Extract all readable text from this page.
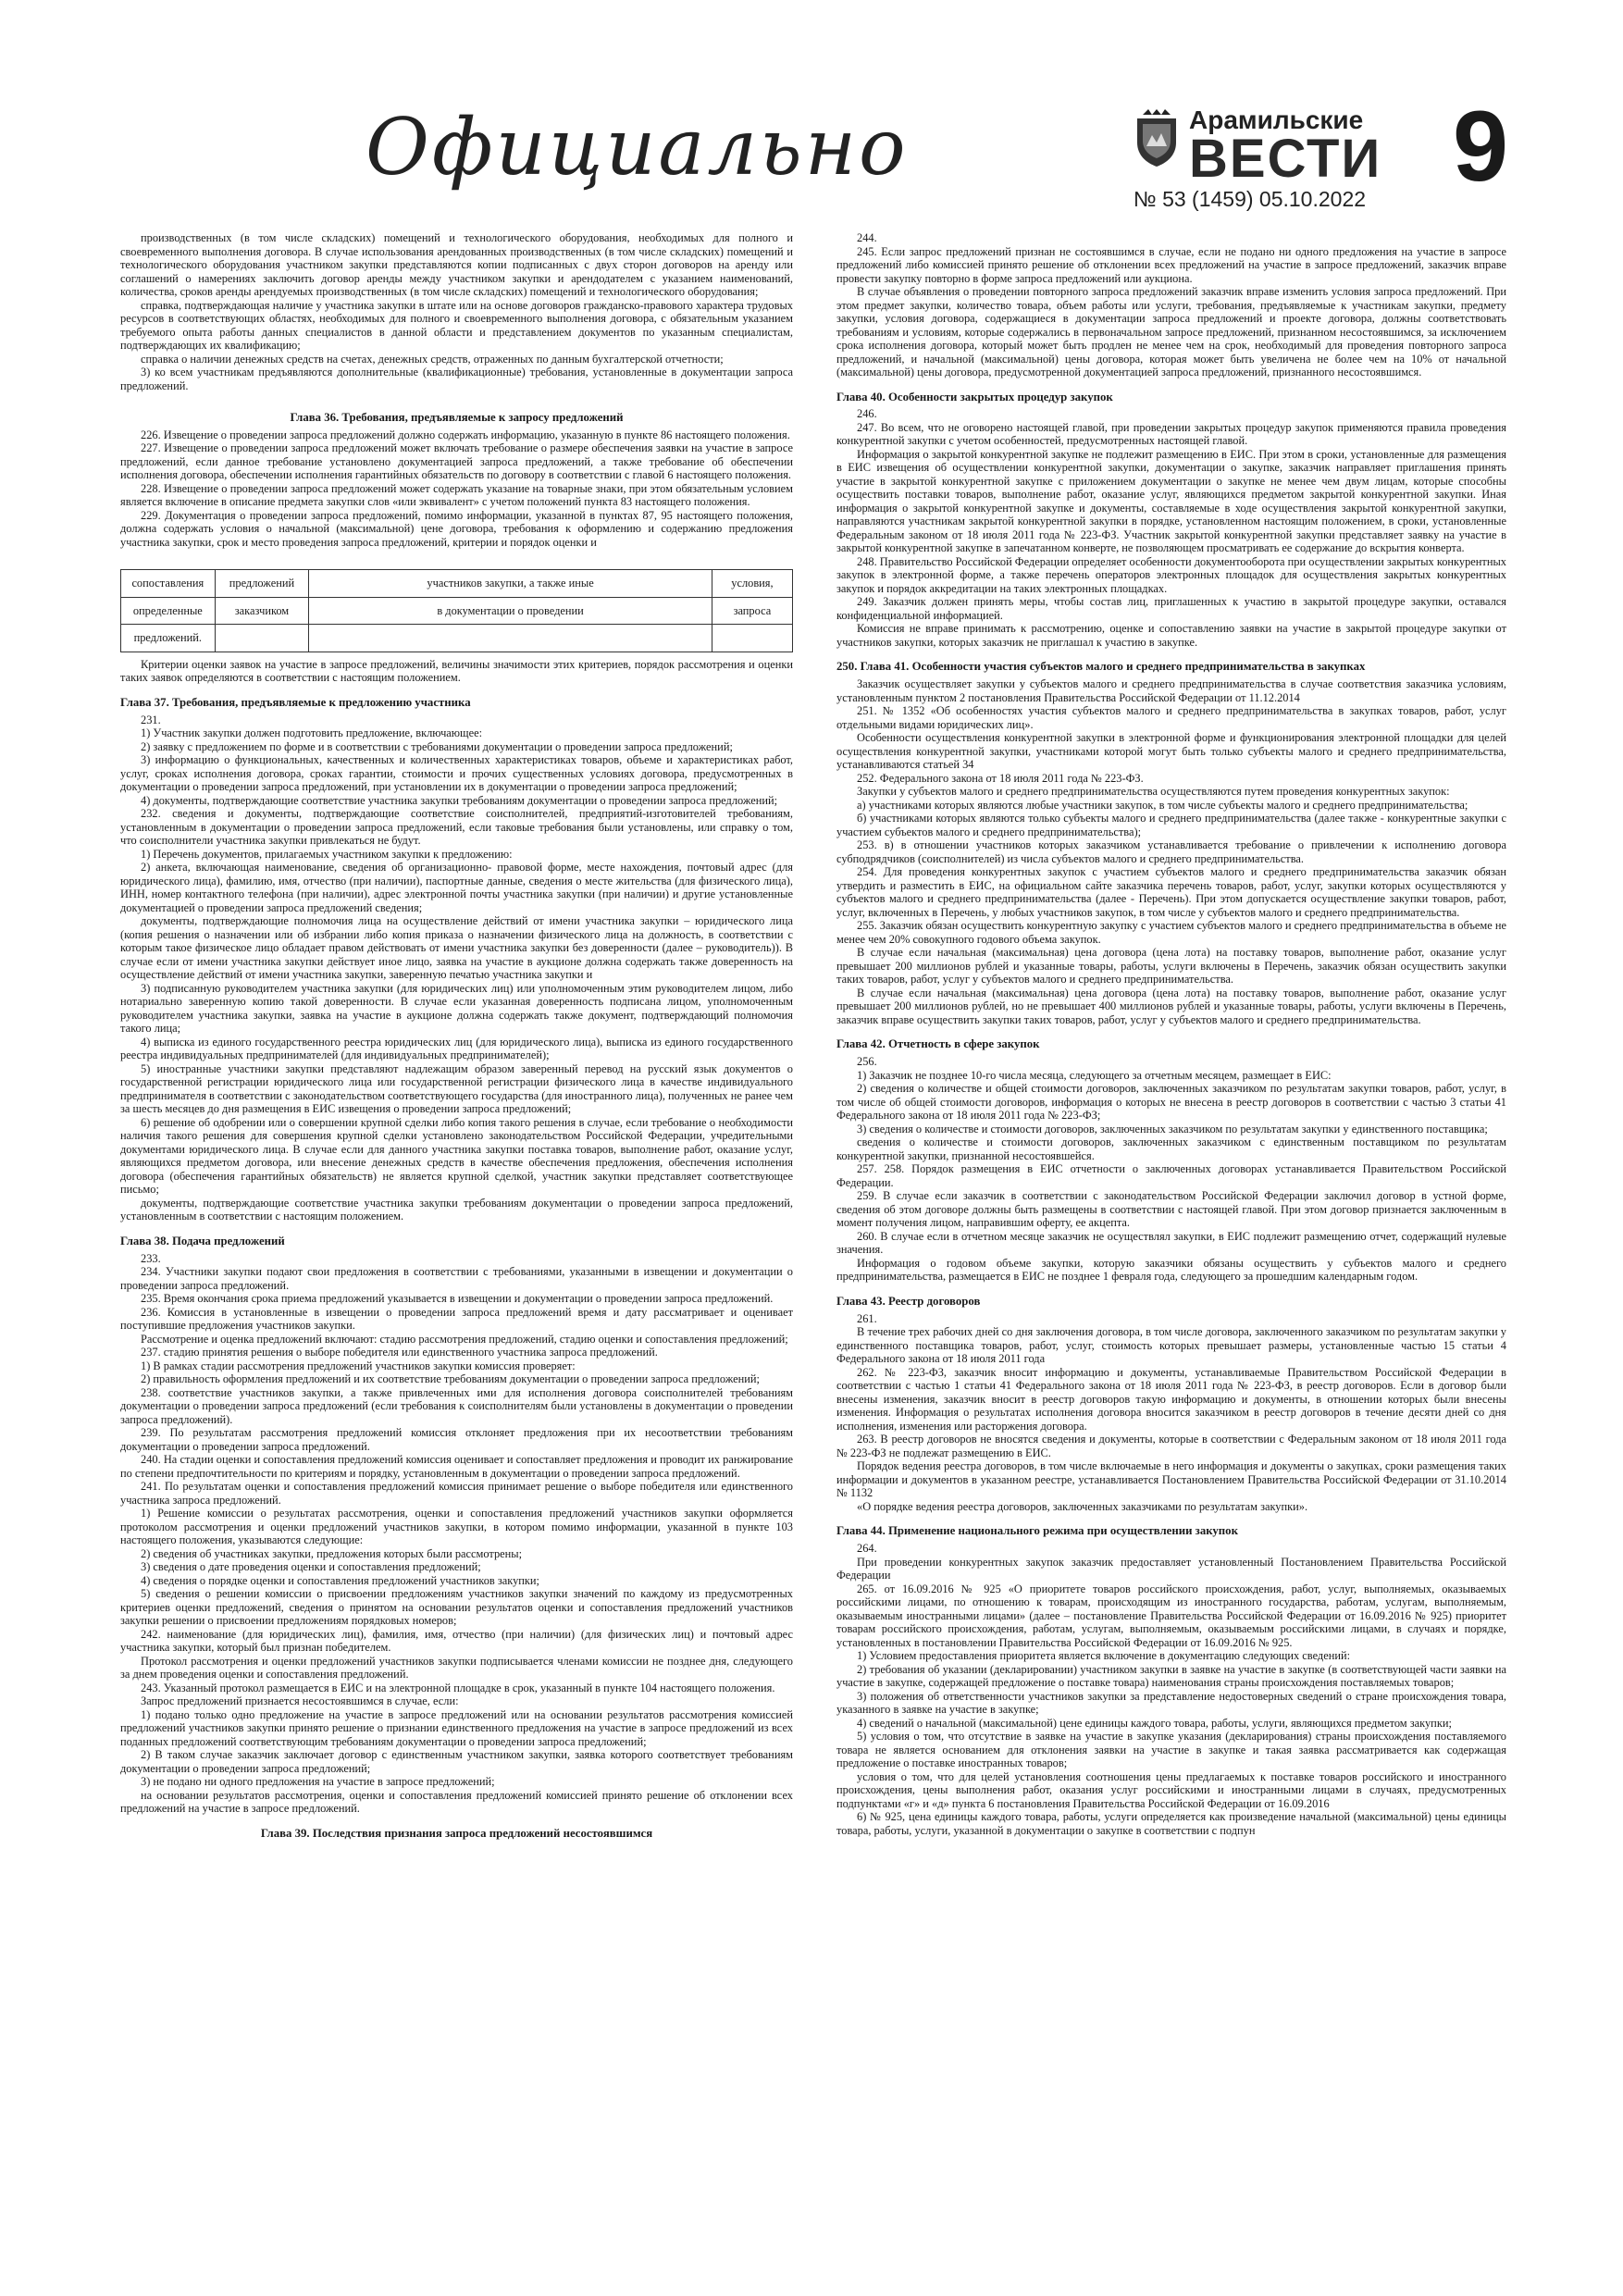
Официально	Арамильские
ВЕСТИ
№ 53 (1459) 05.10.2022 9

производственных (в том числе складских) помещений и технологического оборудования, необходимых для полного и своевременного выполнения договора. В случае использования арендованных производственных (в том числе складских) помещений и технологического оборудования участником закупки представляются копии подписанных с двух сторон договоров на аренду или соглашений о намерениях заключить договор аренды между участником закупки и арендодателем с указанием наименований, количества, сроков аренды арендуемых производственных (в том числе складских) помещений и технологического оборудования;

справка, подтверждающая наличие у участника закупки в штате или на основе договоров гражданско-правового характера трудовых ресурсов в соответствующих областях, необходимых для полного и своевременного выполнения договора, с обязательным указанием требуемого опыта работы данных специалистов в данной области и представлением документов по указанным специалистам, подтверждающих их квалификацию;

справка о наличии денежных средств на счетах, денежных средств, отраженных по данным бухгалтерской отчетности;

3) ко всем участникам предъявляются дополнительные (квалификационные) требования, установленные в документации запроса предложений.

Глава 36. Требования, предъявляемые к запросу предложений

226. Извещение о проведении запроса предложений должно содержать информацию, указанную в пункте 86 настоящего положения.

227. Извещение о проведении запроса предложений может включать требование о размере обеспечения заявки на участие в запросе предложений, если данное требование установлено документацией запроса предложений, а также требование об обеспечении исполнения договора, обеспечении исполнения гарантийных обязательств по договору в соответствии с главой 6 настоящего положения.

228. Извещение о проведении запроса предложений может содержать указание на товарные знаки, при этом обязательным условием является включение в описание предмета закупки слов «или эквивалент» с учетом положений пункта 83 настоящего положения.

229. Документация о проведении запроса предложений, помимо информации, указанной в пунктах 87, 95 настоящего положения, должна содержать условия о начальной (максимальной) цене договора, требования к оформлению и содержанию предложения участника закупки, срок и место проведения запроса предложений, критерии и порядок оценки и

сопоставления	предложений	участников закупки, а также иные	условия,
определенные	заказчиком	в документации о проведении	запроса
предложений.			

Критерии оценки заявок на участие в запросе предложений, величины значимости этих критериев, порядок рассмотрения и оценки таких заявок определяются в соответствии с настоящим положением.

Глава 37. Требования, предъявляемые к предложению участника

231.

1) Участник закупки должен подготовить предложение, включающее:

2) заявку с предложением по форме и в соответствии с требованиями документации о проведении запроса предложений;

3) информацию о функциональных, качественных и количественных характеристиках товаров, объеме и характеристиках работ, услуг, сроках исполнения договора, сроках гарантии, стоимости и прочих существенных условиях договора, предусмотренных в документации о проведении запроса предложений, при установлении их в документации о проведении запроса предложений;

4) документы, подтверждающие соответствие участника закупки требованиям документации о проведении запроса предложений;

232. сведения и документы, подтверждающие соответствие соисполнителей, предприятий-изготовителей требованиям, установленным в документации о проведении запроса предложений, если таковые требования были установлены, или справку о том, что соисполнители участника закупки привлекаться не будут.

1) Перечень документов, прилагаемых участником закупки к предложению:

2) анкета, включающая наименование, сведения об организационно- правовой форме, месте нахождения, почтовый адрес (для юридического лица), фамилию, имя, отчество (при наличии), паспортные данные, сведения о месте жительства (для физического лица), ИНН, номер контактного телефона (при наличии), адрес электронной почты участника закупки (при наличии) и другие установленные документацией о проведении запроса предложений сведения;

документы, подтверждающие полномочия лица на осуществление действий от имени участника закупки – юридического лица (копия решения о назначении или об избрании либо копия приказа о назначении физического лица на должность, в соответствии с которым такое физическое лицо обладает правом действовать от имени участника закупки без доверенности (далее – руководитель)). В случае если от имени участника закупки действует иное лицо, заявка на участие в аукционе должна содержать также доверенность на осуществление действий от имени участника закупки, заверенную печатью участника закупки и

3) подписанную руководителем участника закупки (для юридических лиц) или уполномоченным этим руководителем лицом, либо нотариально заверенную копию такой доверенности. В случае если указанная доверенность подписана лицом, уполномоченным руководителем участника закупки, заявка на участие в аукционе должна содержать также документ, подтверждающий полномочия такого лица;

4) выписка из единого государственного реестра юридических лиц (для юридического лица), выписка из единого государственного реестра индивидуальных предпринимателей (для индивидуальных предпринимателей);

5) иностранные участники закупки представляют надлежащим образом заверенный перевод на русский язык документов о государственной регистрации юридического лица или государственной регистрации физического лица в качестве индивидуального предпринимателя в соответствии с законодательством соответствующего государства (для иностранного лица), полученных не ранее чем за шесть месяцев до дня размещения в ЕИС извещения о проведении запроса предложений;

6) решение об одобрении или о совершении крупной сделки либо копия такого решения в случае, если требование о необходимости наличия такого решения для совершения крупной сделки установлено законодательством Российской Федерации, учредительными документами юридического лица. В случае если для данного участника закупки поставка товаров, выполнение работ, оказание услуг, являющихся предметом договора, или внесение денежных средств в качестве обеспечения предложения, обеспечения исполнения договора (обеспечения гарантийных обязательств) не является крупной сделкой, участник закупки представляет соответствующее письмо;

документы, подтверждающие соответствие участника закупки требованиям документации о проведении запроса предложений, установленным в соответствии с настоящим положением.

Глава 38. Подача предложений

233.

234. Участники закупки подают свои предложения в соответствии с требованиями, указанными в извещении и документации о проведении запроса предложений.

235. Время окончания срока приема предложений указывается в извещении и документации о проведении запроса предложений.

236. Комиссия в установленные в извещении о проведении запроса предложений время и дату рассматривает и оценивает поступившие предложения участников закупки.

Рассмотрение и оценка предложений включают: стадию рассмотрения предложений, стадию оценки и сопоставления предложений;

237. стадию принятия решения о выборе победителя или единственного участника запроса предложений.

1) В рамках стадии рассмотрения предложений участников закупки комиссия проверяет:

2) правильность оформления предложений и их соответствие требованиям документации о проведении запроса предложений;

238. соответствие участников закупки, а также привлеченных ими для исполнения договора соисполнителей требованиям документации о проведении запроса предложений (если требования к соисполнителям были установлены в документации о проведении запроса предложений).

239. По результатам рассмотрения предложений комиссия отклоняет предложения при их несоответствии требованиям документации о проведении запроса предложений.

240. На стадии оценки и сопоставления предложений комиссия оценивает и сопоставляет предложения и проводит их ранжирование по степени предпочтительности по критериям и порядку, установленным в документации о проведении запроса предложений.

241. По результатам оценки и сопоставления предложений комиссия принимает решение о выборе победителя или единственного участника запроса предложений.

1) Решение комиссии о результатах рассмотрения, оценки и сопоставления предложений участников закупки оформляется протоколом рассмотрения и оценки предложений участников закупки, в котором помимо информации, указанной в пункте 103 настоящего положения, указываются следующие:

2) сведения об участниках закупки, предложения которых были рассмотрены;

3) сведения о дате проведения оценки и сопоставления предложений;

4) сведения о порядке оценки и сопоставления предложений участников закупки;

5) сведения о решении комиссии о присвоении предложениям участников закупки значений по каждому из предусмотренных критериев оценки предложений, сведения о принятом на основании результатов оценки и сопоставления предложений участников закупки решении о присвоении предложениям порядковых номеров;

242. наименование (для юридических лиц), фамилия, имя, отчество (при наличии) (для физических лиц) и почтовый адрес участника закупки, который был признан победителем.

Протокол рассмотрения и оценки предложений участников закупки подписывается членами комиссии не позднее дня, следующего за днем проведения оценки и сопоставления предложений.

243. Указанный протокол размещается в ЕИС и на электронной площадке в срок, указанный в пункте 104 настоящего положения.

Запрос предложений признается несостоявшимся в случае, если:

1) подано только одно предложение на участие в запросе предложений или на основании результатов рассмотрения комиссией предложений участников закупки принято решение о признании единственного предложения на участие в запросе предложений из всех поданных предложений соответствующим требованиям документации о проведении запроса предложений;

2) В таком случае заказчик заключает договор с единственным участником закупки, заявка которого соответствует требованиям документации о проведении запроса предложений;

3) не подано ни одного предложения на участие в запросе предложений;

на основании результатов рассмотрения, оценки и сопоставления предложений комиссией принято решение об отклонении всех предложений на участие в запросе предложений.

Глава 39. Последствия признания запроса предложений несостоявшимся

244.

245. Если запрос предложений признан не состоявшимся в случае, если не подано ни одного предложения на участие в запросе предложений либо комиссией принято решение об отклонении всех предложений на участие в запросе предложений, заказчик вправе провести закупку повторно в форме запроса предложений или аукциона.

В случае объявления о проведении повторного запроса предложений заказчик вправе изменить условия запроса предложений. При этом предмет закупки, количество товара, объем работы или услуги, требования, предъявляемые к участникам закупки, предмету закупки, условия договора, содержащиеся в документации запроса предложений и проекте договора, должны соответствовать требованиям и условиям, которые содержались в первоначальном запросе предложений, признанном несостоявшимся, за исключением срока исполнения договора, который может быть продлен не менее чем на срок, необходимый для проведения повторного запроса предложений, и начальной (максимальной) цены договора, которая может быть увеличена не более чем на 10% от начальной (максимальной) цены договора, предусмотренной документацией запроса предложений, признанного несостоявшимся.

Глава 40. Особенности закрытых процедур закупок

246.

247. Во всем, что не оговорено настоящей главой, при проведении закрытых процедур закупок применяются правила проведения конкурентной закупки с учетом особенностей, предусмотренных настоящей главой.

Информация о закрытой конкурентной закупке не подлежит размещению в ЕИС. При этом в сроки, установленные для размещения в ЕИС извещения об осуществлении конкурентной закупки, документации о закупке, заказчик направляет приглашения принять участие в закрытой конкурентной закупке с приложением документации о закупке не менее чем двум лицам, которые способны осуществить поставки товаров, выполнение работ, оказание услуг, являющихся предметом закрытой конкурентной закупки. Иная информация о закрытой конкурентной закупке и документы, составляемые в ходе осуществления закрытой конкурентной закупки, направляются участникам закрытой конкурентной закупки в порядке, установленном настоящим положением, в сроки, установленные Федеральным законом от 18 июля 2011 года № 223-ФЗ. Участник закрытой конкурентной закупки представляет заявку на участие в закрытой конкурентной закупке в запечатанном конверте, не позволяющем просматривать ее содержание до вскрытия конверта.

248. Правительство Российской Федерации определяет особенности документооборота при осуществлении закрытых конкурентных закупок в электронной форме, а также перечень операторов электронных площадок для осуществления закрытых конкурентных закупок и порядок аккредитации на таких электронных площадках.

249. Заказчик должен принять меры, чтобы состав лиц, приглашенных к участию в закрытой процедуре закупки, оставался конфиденциальной информацией.

Комиссия не вправе принимать к рассмотрению, оценке и сопоставлению заявки на участие в закрытой процедуре закупки от участников закупки, которых заказчик не приглашал к участию в закупке.

250. Глава 41. Особенности участия субъектов малого и среднего предпринимательства в закупках

Заказчик осуществляет закупки у субъектов малого и среднего предпринимательства в случае соответствия заказчика условиям, установленным пунктом 2 постановления Правительства Российской Федерации от 11.12.2014

251. № 1352 «Об особенностях участия субъектов малого и среднего предпринимательства в закупках товаров, работ, услуг отдельными видами юридических лиц».

Особенности осуществления конкурентной закупки в электронной форме и функционирования электронной площадки для целей осуществления конкурентной закупки, участниками которой могут быть только субъекты малого и среднего предпринимательства, устанавливаются статьей 34

252. Федерального закона от 18 июля 2011 года № 223-ФЗ.

Закупки у субъектов малого и среднего предпринимательства осуществляются путем проведения конкурентных закупок:

а) участниками которых являются любые участники закупок, в том числе субъекты малого и среднего предпринимательства;

б) участниками которых являются только субъекты малого и среднего предпринимательства (далее также - конкурентные закупки с участием субъектов малого и среднего предпринимательства);

253. в) в отношении участников которых заказчиком устанавливается требование о привлечении к исполнению договора субподрядчиков (соисполнителей) из числа субъектов малого и среднего предпринимательства.

254. Для проведения конкурентных закупок с участием субъектов малого и среднего предпринимательства заказчик обязан утвердить и разместить в ЕИС, на официальном сайте заказчика перечень товаров, работ, услуг, закупки которых осуществляются у субъектов малого и среднего предпринимательства (далее - Перечень). При этом допускается осуществление закупки товаров, работ, услуг, включенных в Перечень, у любых участников закупок, в том числе у субъектов малого и среднего предпринимательства.

255. Заказчик обязан осуществить конкурентную закупку с участием субъектов малого и среднего предпринимательства в объеме не менее чем 20% совокупного годового объема закупок.

В случае если начальная (максимальная) цена договора (цена лота) на поставку товаров, выполнение работ, оказание услуг превышает 200 миллионов рублей и указанные товары, работы, услуги включены в Перечень, заказчик обязан осуществить закупки таких товаров, работ, услуг у субъектов малого и среднего предпринимательства.

В случае если начальная (максимальная) цена договора (цена лота) на поставку товаров, выполнение работ, оказание услуг превышает 200 миллионов рублей, но не превышает 400 миллионов рублей и указанные товары, работы, услуги включены в Перечень, заказчик вправе осуществить закупки таких товаров, работ, услуг у субъектов малого и среднего предпринимательства.

Глава 42. Отчетность в сфере закупок

256.

1) Заказчик не позднее 10-го числа месяца, следующего за отчетным месяцем, размещает в ЕИС:

2) сведения о количестве и общей стоимости договоров, заключенных заказчиком по результатам закупки товаров, работ, услуг, в том числе об общей стоимости договоров, информация о которых не внесена в реестр договоров в соответствии с частью 3 статьи 41 Федерального закона от 18 июля 2011 года № 223-ФЗ;

3) сведения о количестве и стоимости договоров, заключенных заказчиком по результатам закупки у единственного поставщика;

сведения о количестве и стоимости договоров, заключенных заказчиком с единственным поставщиком по результатам конкурентной закупки, признанной несостоявшейся.

257. 258. Порядок размещения в ЕИС отчетности о заключенных договорах устанавливается Правительством Российской Федерации.

259. В случае если заказчик в соответствии с законодательством Российской Федерации заключил договор в устной форме, сведения об этом договоре должны быть размещены в соответствии с настоящей главой. При этом договор признается заключенным в момент получения лицом, направившим оферту, ее акцепта.

260. В случае если в отчетном месяце заказчик не осуществлял закупки, в ЕИС подлежит размещению отчет, содержащий нулевые значения.

Информация о годовом объеме закупки, которую заказчики обязаны осуществить у субъектов малого и среднего предпринимательства, размещается в ЕИС не позднее 1 февраля года, следующего за прошедшим календарным годом.

Глава 43. Реестр договоров

261.

В течение трех рабочих дней со дня заключения договора, в том числе договора, заключенного заказчиком по результатам закупки у единственного поставщика товаров, работ, услуг, стоимость которых превышает размеры, установленные частью 15 статьи 4 Федерального закона от 18 июля 2011 года

262. № 223-ФЗ, заказчик вносит информацию и документы, устанавливаемые Правительством Российской Федерации в соответствии с частью 1 статьи 41 Федерального закона от 18 июля 2011 года № 223-ФЗ, в реестр договоров. Если в договор были внесены изменения, заказчик вносит в реестр договоров такую информацию и документы, в отношении которых были внесены изменения. Информация о результатах исполнения договора вносится заказчиком в реестр договоров в течение десяти дней со дня исполнения, изменения или расторжения договора.

263. В реестр договоров не вносятся сведения и документы, которые в соответствии с Федеральным законом от 18 июля 2011 года № 223-ФЗ не подлежат размещению в ЕИС.

Порядок ведения реестра договоров, в том числе включаемые в него информация и документы о закупках, сроки размещения таких информации и документов в указанном реестре, устанавливается Постановлением Правительства Российской Федерации от 31.10.2014 № 1132

«О порядке ведения реестра договоров, заключенных заказчиками по результатам закупки».

Глава 44. Применение национального режима при осуществлении закупок

264.

При проведении конкурентных закупок заказчик предоставляет установленный Постановлением Правительства Российской Федерации

265. от 16.09.2016 № 925 «О приоритете товаров российского происхождения, работ, услуг, выполняемых, оказываемых российскими лицами, по отношению к товарам, происходящим из иностранного государства, работам, услугам, выполняемым, оказываемым иностранными лицами» (далее – постановление Правительства Российской Федерации от 16.09.2016 № 925) приоритет товарам российского происхождения, работам, услугам, выполняемым, оказываемым российскими лицами, в случаях и порядке, установленных в постановлении Правительства Российской Федерации от 16.09.2016 № 925.

1) Условием предоставления приоритета является включение в документацию следующих сведений:

2) требования об указании (декларировании) участником закупки в заявке на участие в закупке (в соответствующей части заявки на участие в закупке, содержащей предложение о поставке товара) наименования страны происхождения поставляемых товаров;

3) положения об ответственности участников закупки за представление недостоверных сведений о стране происхождения товара, указанного в заявке на участие в закупке;

4) сведений о начальной (максимальной) цене единицы каждого товара, работы, услуги, являющихся предметом закупки;

5) условия о том, что отсутствие в заявке на участие в закупке указания (декларирования) страны происхождения поставляемого товара не является основанием для отклонения заявки на участие в закупке и такая заявка рассматривается как содержащая предложение о поставке иностранных товаров;

условия о том, что для целей установления соотношения цены предлагаемых к поставке товаров российского и иностранного происхождения, цены выполнения работ, оказания услуг российскими и иностранными лицами в случаях, предусмотренных подпунктами «г» и «д» пункта 6 постановления Правительства Российской Федерации от 16.09.2016

6) № 925, цена единицы каждого товара, работы, услуги определяется как произведение начальной (максимальной) цены единицы товара, работы, услуги, указанной в документации о закупке в соответствии с подпун
